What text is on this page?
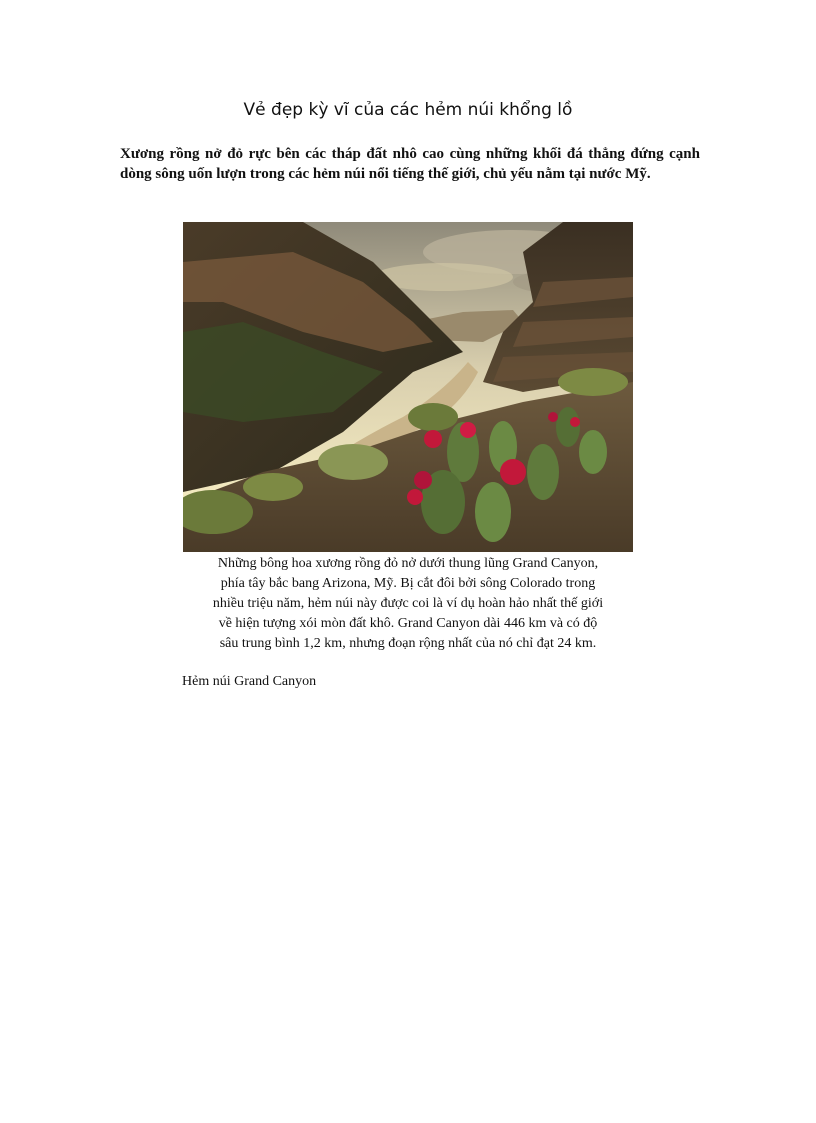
Vẻ đẹp kỳ vĩ của các hẻm núi khổng lồ
Xương rồng nở đỏ rực bên các tháp đất nhô cao cùng những khối đá thẳng đứng cạnh dòng sông uốn lượn trong các hẻm núi nổi tiếng thế giới, chủ yếu nằm tại nước Mỹ.
Những bông hoa xương rồng đỏ nở dưới thung lũng Grand Canyon,
phía tây bắc bang Arizona, Mỹ. Bị cắt đôi bởi sông Colorado trong
nhiều triệu năm, hẻm núi này được coi là ví dụ hoàn hảo nhất thế giới
về hiện tượng xói mòn đất khô. Grand Canyon dài 446 km và có độ
sâu trung bình 1,2 km, nhưng đoạn rộng nhất của nó chỉ đạt 24 km.
Hẻm núi Grand Canyon
